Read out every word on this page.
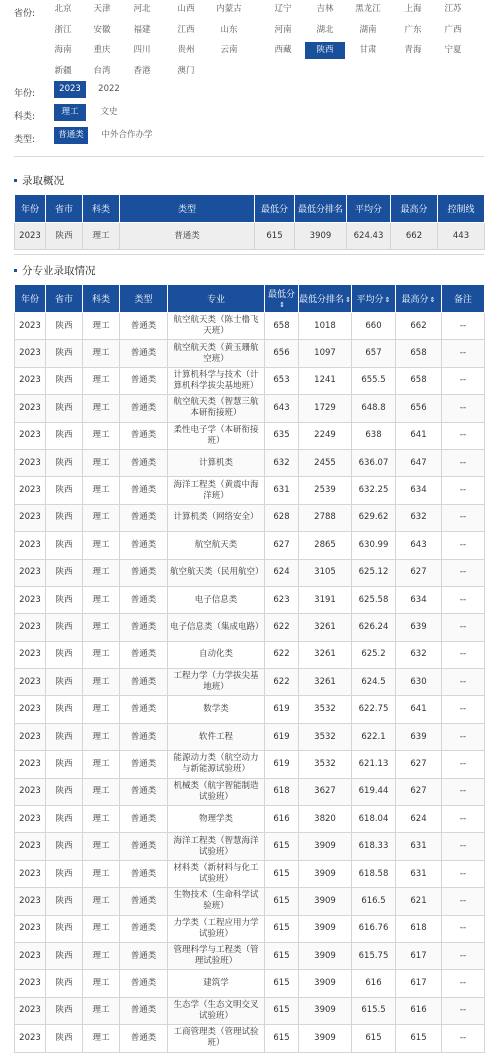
省份:	北京	天津	河北	山西	内蒙古	辽宁	吉林	黑龙江	上海	江苏
浙江	安徽	福建	江西	山东	河南	湖北	湖南	广东	广西
海南	重庆	四川	贵州	云南	西藏	陕西	甘肃	青海	宁夏
新疆	台湾	香港	澳门
年份:	2023	2022
科类:	理工	文史
类型:	普通类	中外合作办学
录取概况
年份	省市	科类	类型	最低分	最低分排名	平均分	最高分	控制线
2023	陕西	理工	普通类	615	3909	624.43	662	443
分专业录取情况
年份	省市	科类	类型	专业	最低分⇕	最低分排名⇕	平均分⇕	最高分⇕	备注
2023	陕西	理工	普通类	航空航天类（陈士橹飞天班）	658	1018	660	662	--
2023	陕西	理工	普通类	航空航天类（黄玉珊航空班）	656	1097	657	658	--
2023	陕西	理工	普通类	计算机科学与技术（计算机科学拔尖基地班）	653	1241	655.5	658	--
2023	陕西	理工	普通类	航空航天类（智慧三航本研衔接班）	643	1729	648.8	656	--
2023	陕西	理工	普通类	柔性电子学（本研衔接班）	635	2249	638	641	--
2023	陕西	理工	普通类	计算机类	632	2455	636.07	647	--
2023	陕西	理工	普通类	海洋工程类（黄震中海洋班）	631	2539	632.25	634	--
2023	陕西	理工	普通类	计算机类（网络安全）	628	2788	629.62	632	--
2023	陕西	理工	普通类	航空航天类	627	2865	630.99	643	--
2023	陕西	理工	普通类	航空航天类（民用航空）	624	3105	625.12	627	--
2023	陕西	理工	普通类	电子信息类	623	3191	625.58	634	--
2023	陕西	理工	普通类	电子信息类（集成电路）	622	3261	626.24	639	--
2023	陕西	理工	普通类	自动化类	622	3261	625.2	632	--
2023	陕西	理工	普通类	工程力学（力学拔尖基地班）	622	3261	624.5	630	--
2023	陕西	理工	普通类	数学类	619	3532	622.75	641	--
2023	陕西	理工	普通类	软件工程	619	3532	622.1	639	--
2023	陕西	理工	普通类	能源动力类（航空动力与新能源试验班）	619	3532	621.13	627	--
2023	陕西	理工	普通类	机械类（航宇智能制造试验班）	618	3627	619.44	627	--
2023	陕西	理工	普通类	物理学类	616	3820	618.04	624	--
2023	陕西	理工	普通类	海洋工程类（智慧海洋试验班）	615	3909	618.33	631	--
2023	陕西	理工	普通类	材料类（新材料与化工试验班）	615	3909	618.58	631	--
2023	陕西	理工	普通类	生物技术（生命科学试验班）	615	3909	616.5	621	--
2023	陕西	理工	普通类	力学类（工程应用力学试验班）	615	3909	616.76	618	--
2023	陕西	理工	普通类	管理科学与工程类（管理试验班）	615	3909	615.75	617	--
2023	陕西	理工	普通类	建筑学	615	3909	616	617	--
2023	陕西	理工	普通类	生态学（生态文明交叉试验班）	615	3909	615.5	616	--
2023	陕西	理工	普通类	工商管理类（管理试验班）	615	3909	615	615	--
